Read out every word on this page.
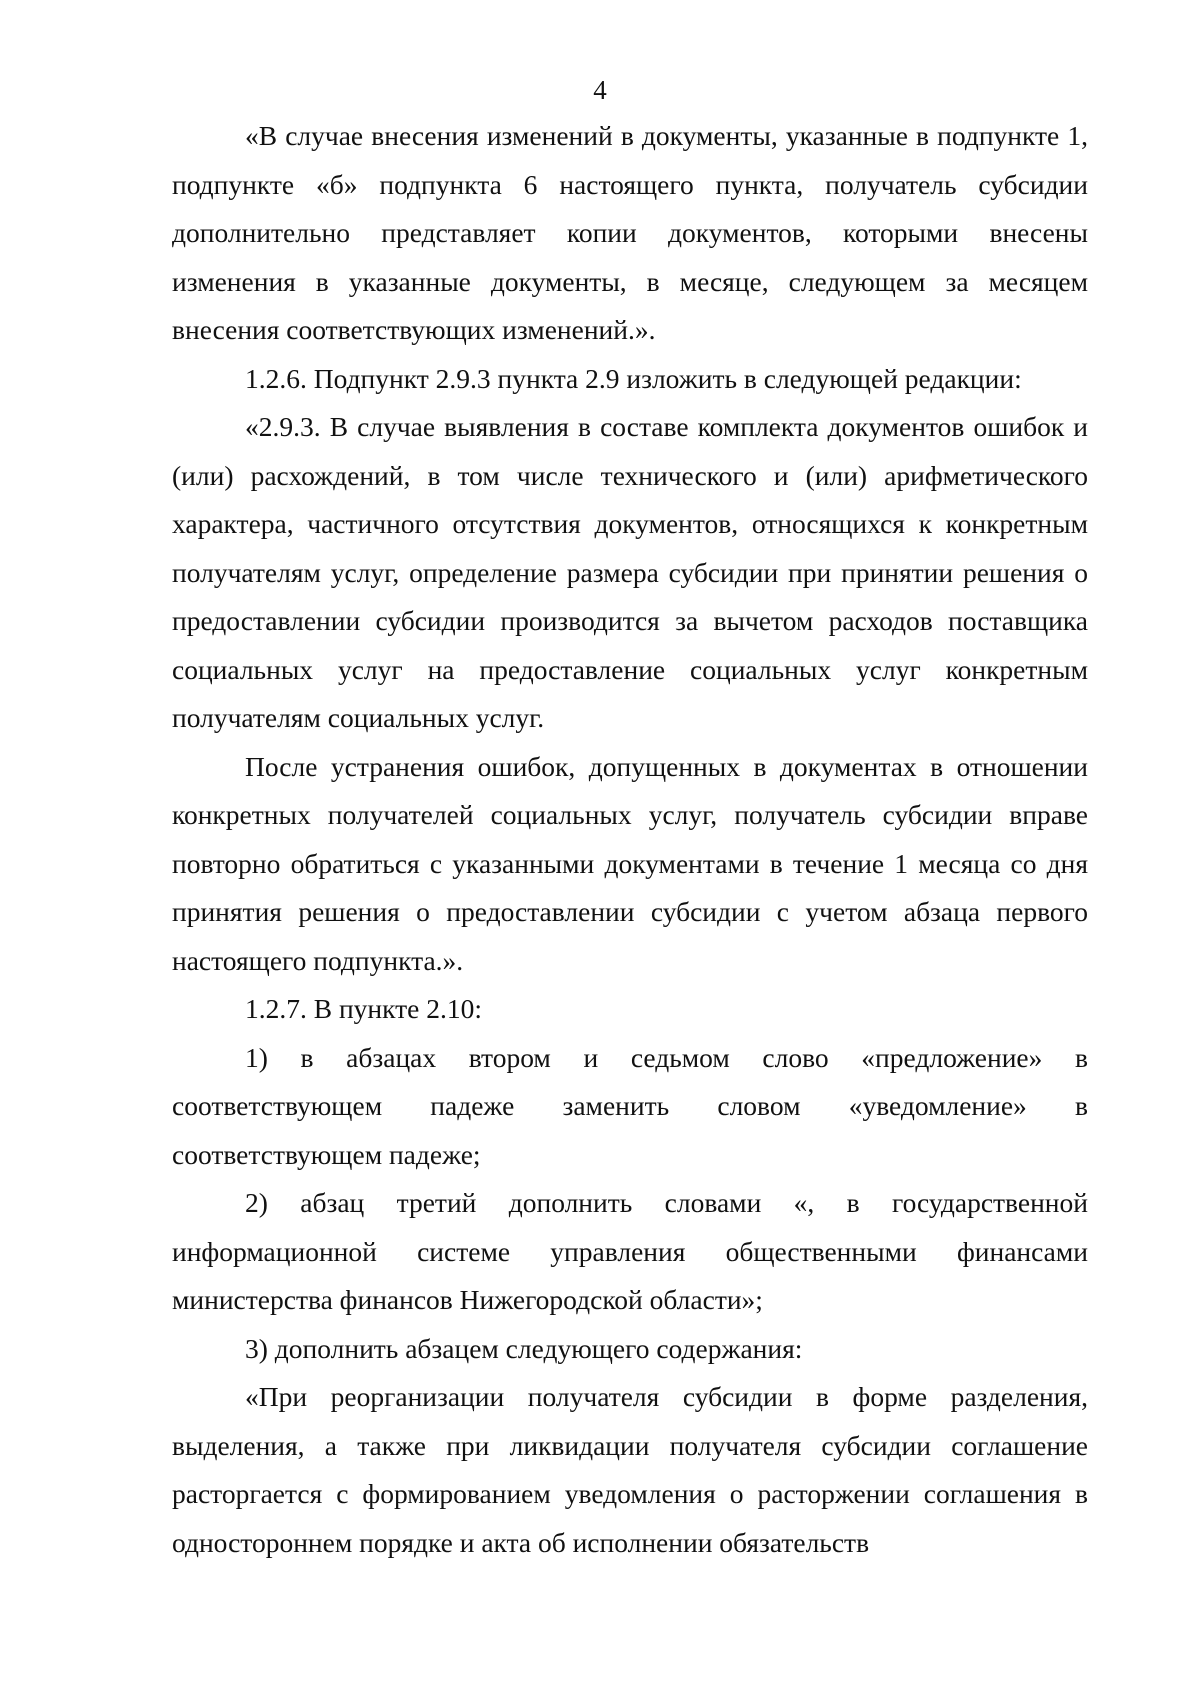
4

«В случае внесения изменений в документы, указанные в подпункте 1, подпункте «б» подпункта 6 настоящего пункта, получатель субсидии дополнительно представляет копии документов, которыми внесены изменения в указанные документы, в месяце, следующем за месяцем внесения соответствующих изменений.».

1.2.6. Подпункт 2.9.3 пункта 2.9 изложить в следующей редакции:

«2.9.3. В случае выявления в составе комплекта документов ошибок и (или) расхождений, в том числе технического и (или) арифметического характера, частичного отсутствия документов, относящихся к конкретным получателям услуг, определение размера субсидии при принятии решения о предоставлении субсидии производится за вычетом расходов поставщика социальных услуг на предоставление социальных услуг конкретным получателям социальных услуг.

После устранения ошибок, допущенных в документах в отношении конкретных получателей социальных услуг, получатель субсидии вправе повторно обратиться с указанными документами в течение 1 месяца со дня принятия решения о предоставлении субсидии с учетом абзаца первого настоящего подпункта.».

1.2.7. В пункте 2.10:

1) в абзацах втором и седьмом слово «предложение» в соответствующем падеже заменить словом «уведомление» в соответствующем падеже;

2) абзац третий дополнить словами «, в государственной информационной системе управления общественными финансами министерства финансов Нижегородской области»;

3) дополнить абзацем следующего содержания:

«При реорганизации получателя субсидии в форме разделения, выделения, а также при ликвидации получателя субсидии соглашение расторгается с формированием уведомления о расторжении соглашения в одностороннем порядке и акта об исполнении обязательств
